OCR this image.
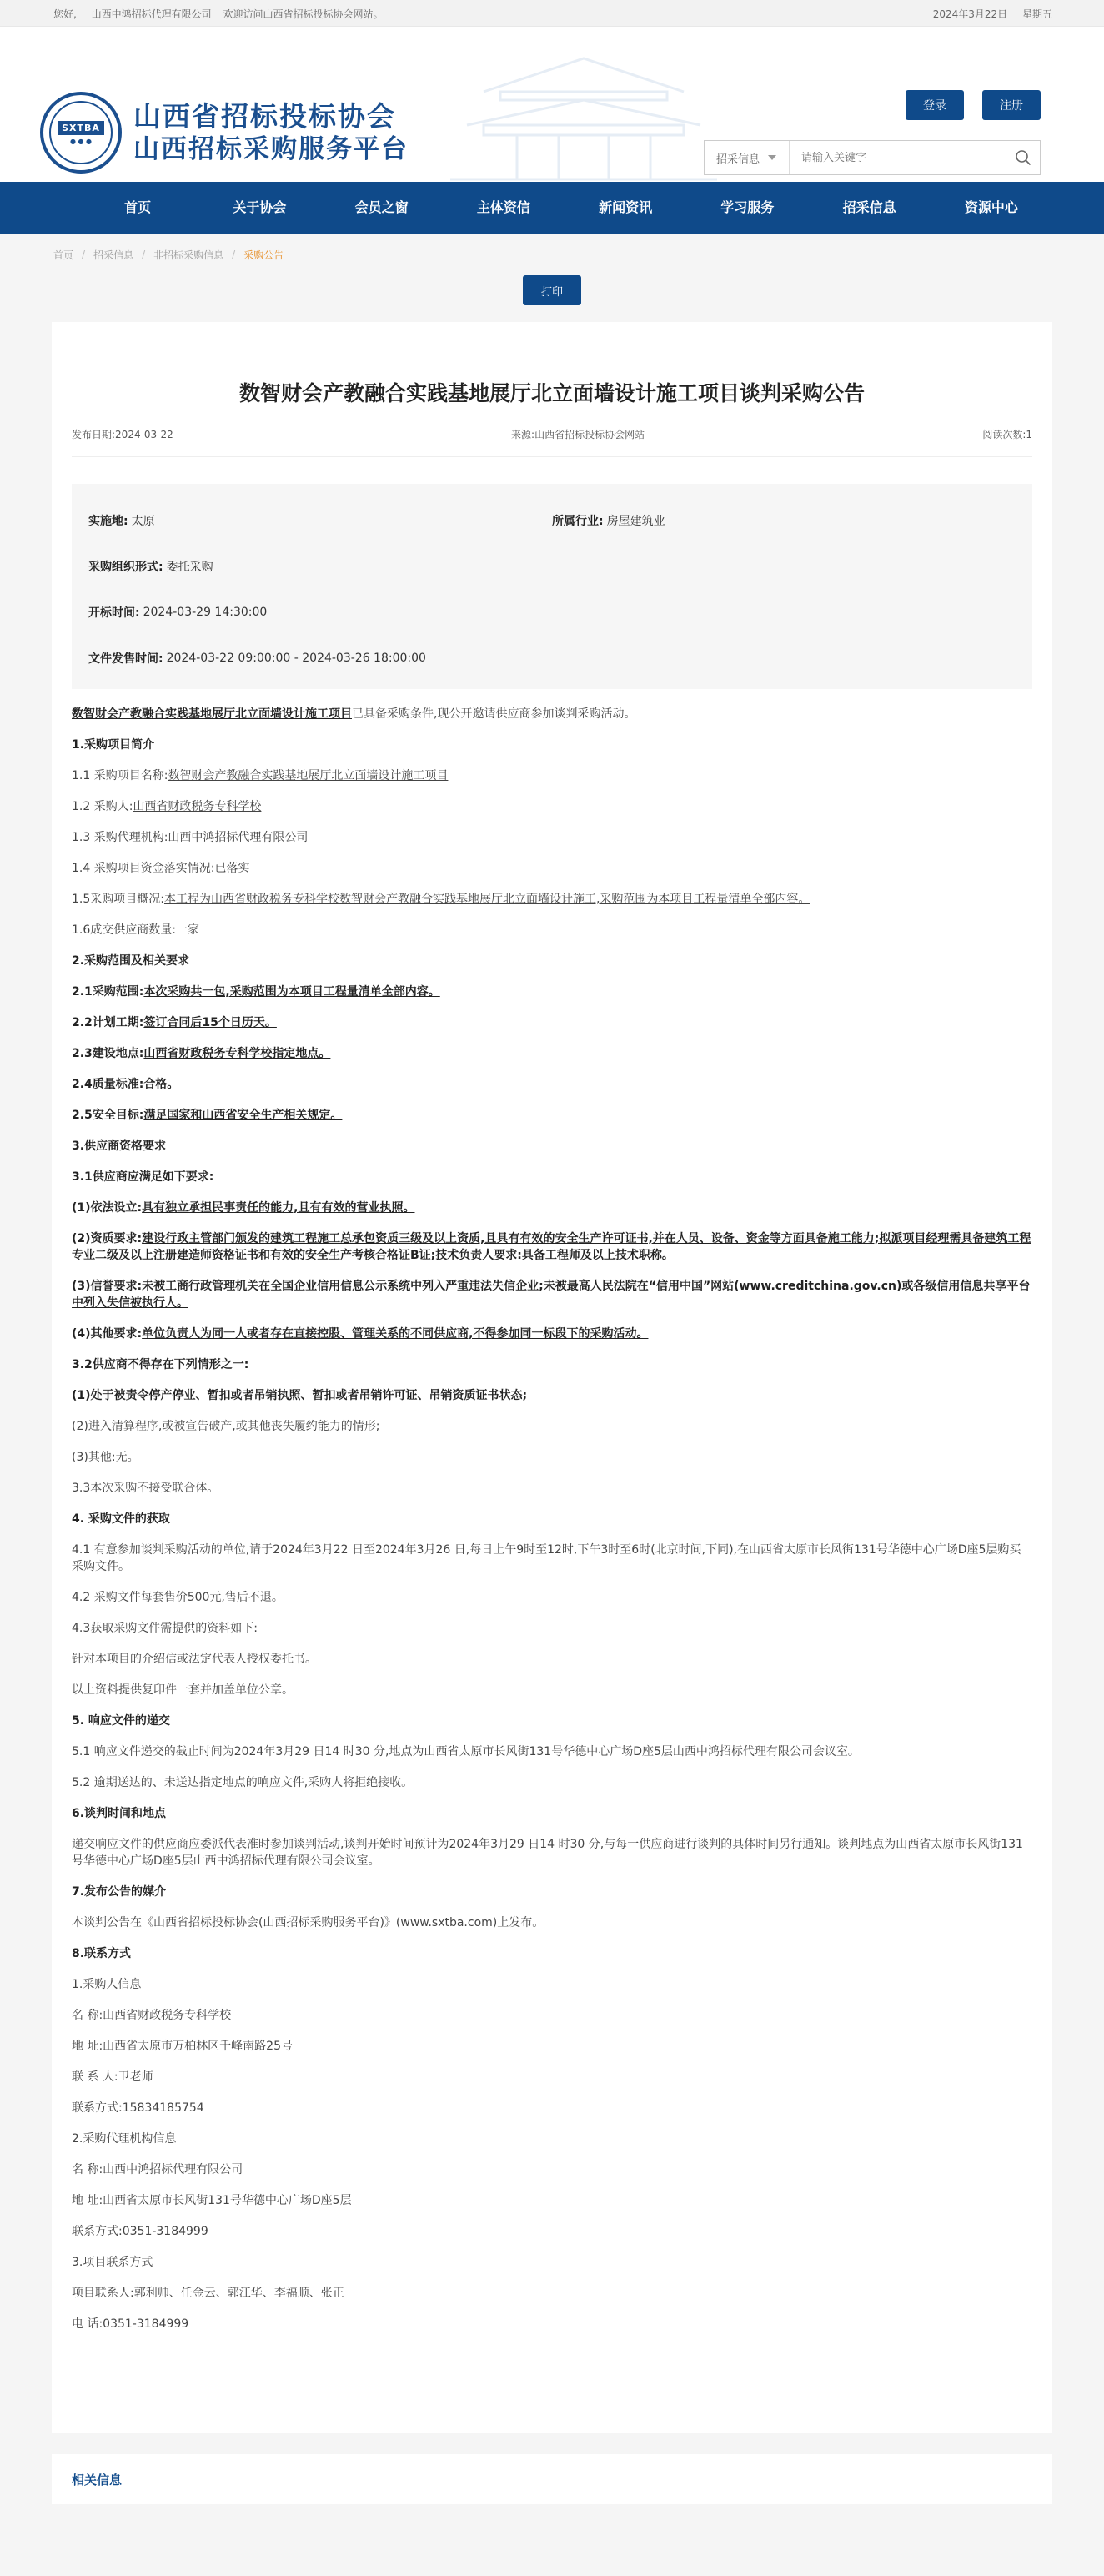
您好, 山西中鸿招标代理有限公司 欢迎访问山西省招标投标协会网站。	2024年3月22日 星期五
SXTBA
● ● ●
山西省招标投标协会
山西招标采购服务平台
登录	注册
招采信息
请输入关键字
首页	关于协会	会员之窗	主体资信	新闻资讯	学习服务	招采信息	资源中心
首页 / 招采信息 / 非招标采购信息 / 采购公告
打印
数智财会产教融合实践基地展厅北立面墙设计施工项目谈判采购公告
发布日期:2024-03-22	来源:山西省招标投标协会网站	阅读次数:1
实施地: 太原	所属行业: 房屋建筑业
采购组织形式: 委托采购
开标时间: 2024-03-29 14:30:00
文件发售时间: 2024-03-22 09:00:00 - 2024-03-26 18:00:00

数智财会产教融合实践基地展厅北立面墙设计施工项目已具备采购条件,现公开邀请供应商参加谈判采购活动。

1.采购项目简介

1.1 采购项目名称:数智财会产教融合实践基地展厅北立面墙设计施工项目

1.2 采购人:山西省财政税务专科学校

1.3 采购代理机构:山西中鸿招标代理有限公司

1.4 采购项目资金落实情况:已落实

1.5采购项目概况:本工程为山西省财政税务专科学校数智财会产教融合实践基地展厅北立面墙设计施工,采购范围为本项目工程量清单全部内容。

1.6成交供应商数量:一家

2.采购范围及相关要求

2.1采购范围:本次采购共一包,采购范围为本项目工程量清单全部内容。

2.2计划工期:签订合同后15个日历天。

2.3建设地点:山西省财政税务专科学校指定地点。

2.4质量标准:合格。

2.5安全目标:满足国家和山西省安全生产相关规定。

3.供应商资格要求

3.1供应商应满足如下要求:

(1)依法设立:具有独立承担民事责任的能力,且有有效的营业执照。

(2)资质要求:建设行政主管部门颁发的建筑工程施工总承包资质三级及以上资质,且具有有效的安全生产许可证书,并在人员、设备、资金等方面具备施工能力;拟派项目经理需具备建筑工程专业二级及以上注册建造师资格证书和有效的安全生产考核合格证B证;技术负责人要求:具备工程师及以上技术职称。

(3)信誉要求:未被工商行政管理机关在全国企业信用信息公示系统中列入严重违法失信企业;未被最高人民法院在“信用中国”网站(www.creditchina.gov.cn)或各级信用信息共享平台中列入失信被执行人。

(4)其他要求:单位负责人为同一人或者存在直接控股、管理关系的不同供应商,不得参加同一标段下的采购活动。

3.2供应商不得存在下列情形之一:

(1)处于被责令停产停业、暂扣或者吊销执照、暂扣或者吊销许可证、吊销资质证书状态;

(2)进入清算程序,或被宣告破产,或其他丧失履约能力的情形;

(3)其他:无。

3.3本次采购不接受联合体。

4. 采购文件的获取

4.1 有意参加谈判采购活动的单位,请于2024年3月22 日至2024年3月26 日,每日上午9时至12时,下午3时至6时(北京时间,下同),在山西省太原市长风街131号华德中心广场D座5层购买采购文件。

4.2 采购文件每套售价500元,售后不退。

4.3获取采购文件需提供的资料如下:

针对本项目的介绍信或法定代表人授权委托书。

以上资料提供复印件一套并加盖单位公章。

5. 响应文件的递交

5.1 响应文件递交的截止时间为2024年3月29 日14 时30 分,地点为山西省太原市长风街131号华德中心广场D座5层山西中鸿招标代理有限公司会议室。

5.2 逾期送达的、未送达指定地点的响应文件,采购人将拒绝接收。

6.谈判时间和地点

递交响应文件的供应商应委派代表准时参加谈判活动,谈判开始时间预计为2024年3月29 日14 时30 分,与每一供应商进行谈判的具体时间另行通知。谈判地点为山西省太原市长风街131号华德中心广场D座5层山西中鸿招标代理有限公司会议室。

7.发布公告的媒介

本谈判公告在《山西省招标投标协会(山西招标采购服务平台)》(www.sxtba.com)上发布。

8.联系方式

1.采购人信息

名 称:山西省财政税务专科学校

地 址:山西省太原市万柏林区千峰南路25号

联 系 人:卫老师

联系方式:15834185754

2.采购代理机构信息

名 称:山西中鸿招标代理有限公司

地 址:山西省太原市长风街131号华德中心广场D座5层

联系方式:0351-3184999

3.项目联系方式

项目联系人:郭利帅、任金云、郭江华、李福顺、张正

电 话:0351-3184999

相关信息
